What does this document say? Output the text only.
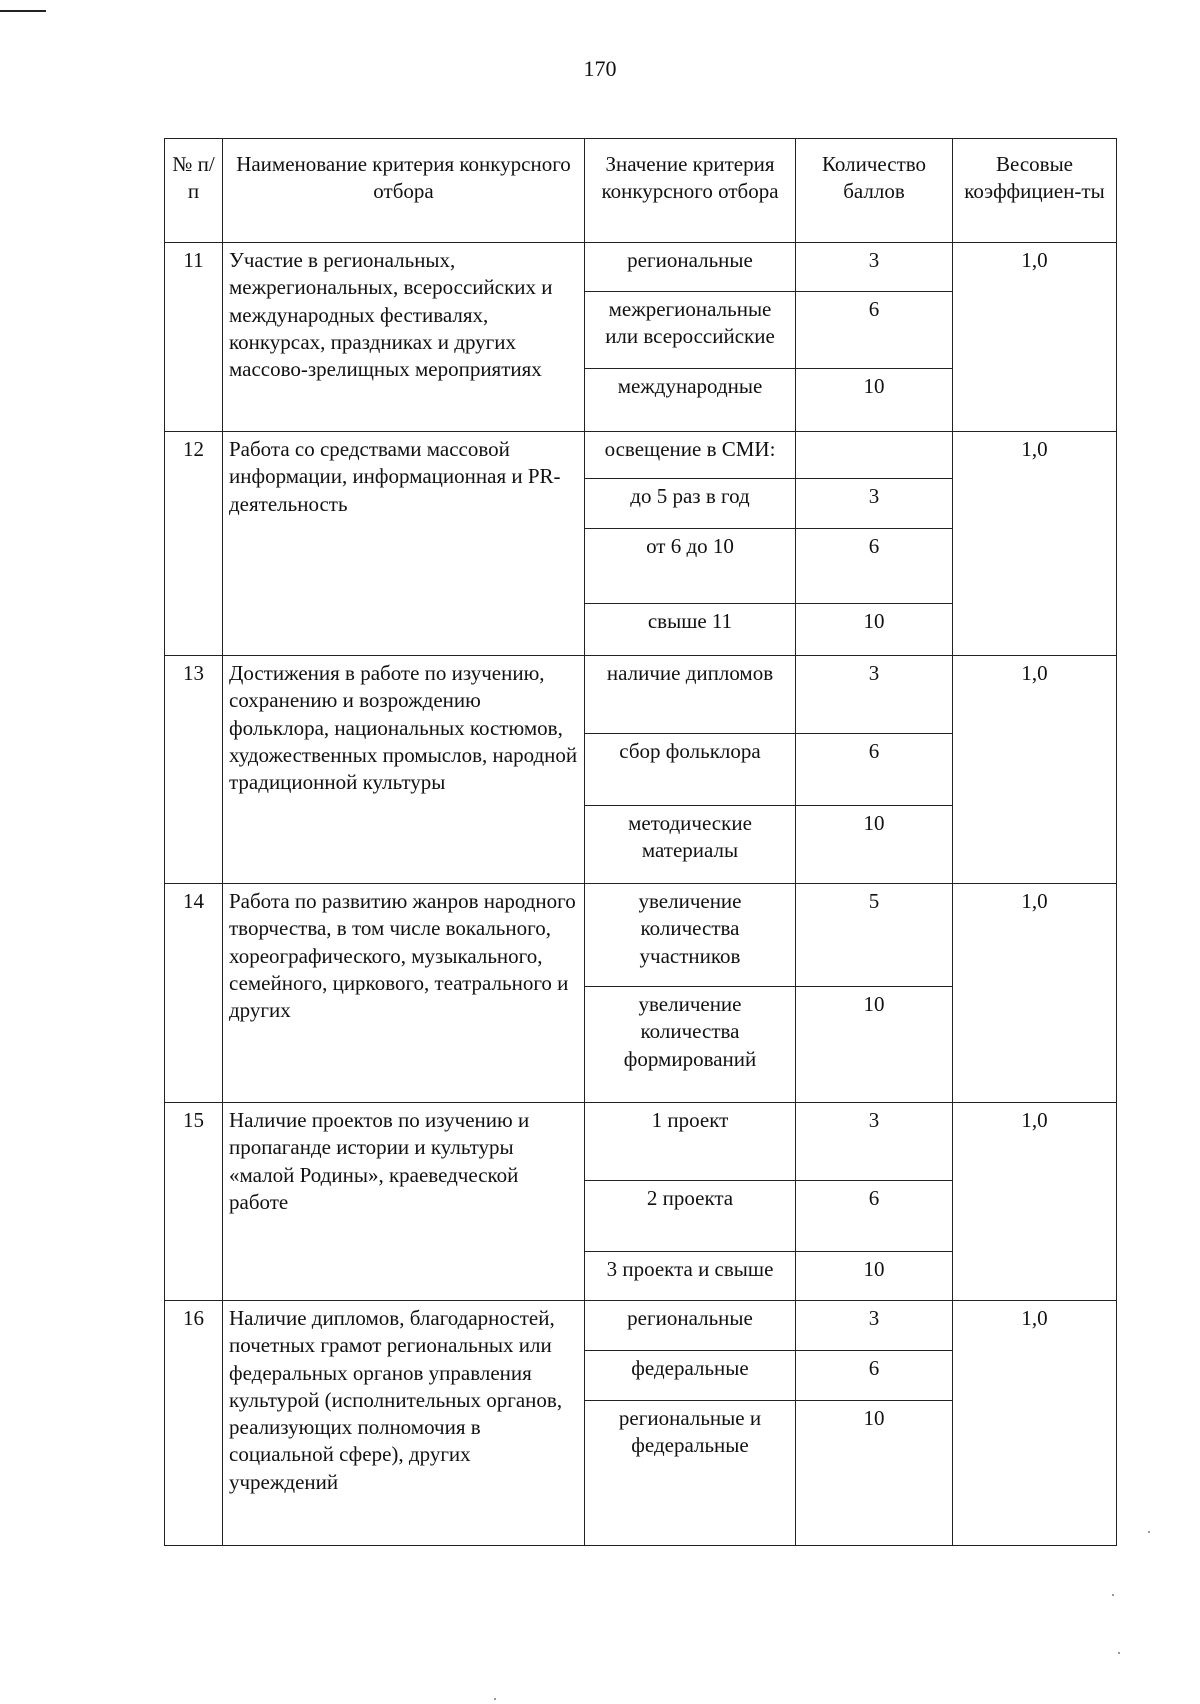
170
№ п/п	Наименование критерия конкурсного отбора	Значение критерия конкурсного отбора	Количество баллов	Весовые коэффициен-ты
11	Участие в региональных, межрегиональных, всероссийских и международных фестивалях, конкурсах, праздниках и других массово-зрелищных мероприятиях	региональные	3	1,0
		межрегиональные или всероссийские	6	
		международные	10	
12	Работа со средствами массовой информации, информационная и PR-деятельность	освещение в СМИ:		1,0
		до 5 раз в год	3	
		от 6 до 10	6	
		свыше 11	10	
13	Достижения в работе по изучению, сохранению и возрождению фольклора, национальных костюмов, художественных промыслов, народной традиционной культуры	наличие дипломов	3	1,0
		сбор фольклора	6	
		методические материалы	10	
14	Работа по развитию жанров народного творчества, в том числе вокального, хореографического, музыкального, семейного, циркового, театрального и других	увеличение количества участников	5	1,0
		увеличение количества формирований	10	
15	Наличие проектов по изучению и пропаганде истории и культуры «малой Родины», краеведческой работе	1 проект	3	1,0
		2 проекта	6	
		3 проекта и свыше	10	
16	Наличие дипломов, благодарностей, почетных грамот региональных или федеральных органов управления культурой (исполнительных органов, реализующих полномочия в социальной сфере), других учреждений	региональные	3	1,0
		федеральные	6	
		региональные и федеральные	10	
